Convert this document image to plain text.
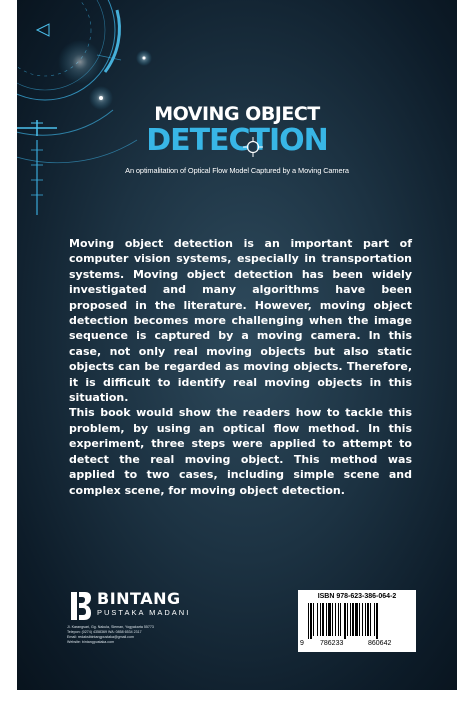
MOVING OBJECT
DETECTION
An optimalitation of Optical Flow Model Captured by a Moving Camera

Moving object detection is an important part of computer vision systems, especially in transportation systems. Moving object detection has been widely investigated and many algorithms have been proposed in the literature. However, moving object detection becomes more challenging when the image sequence is captured by a moving camera. In this case, not only real moving objects but also static objects can be regarded as moving objects. Therefore, it is difficult to identify real moving objects in this situation.

This book would show the readers how to tackle this problem, by using an optical flow method. In this experiment, three steps were applied to attempt to detect the real moving object. This method was applied to two cases, including simple scene and complex scene, for moving object detection.

BINTANG
PUSTAKA MADANI
Jl. Karangsari, Gg. Nakula, Sleman, Yogyakarta 55773
Telepon: (0274) 4358369 WA: 0858 6534 2317
Email: redaksibintangpustaka@gmail.com
Website: bintangpustaka.com
ISBN 978-623-386-064-2
9 786233	860642
